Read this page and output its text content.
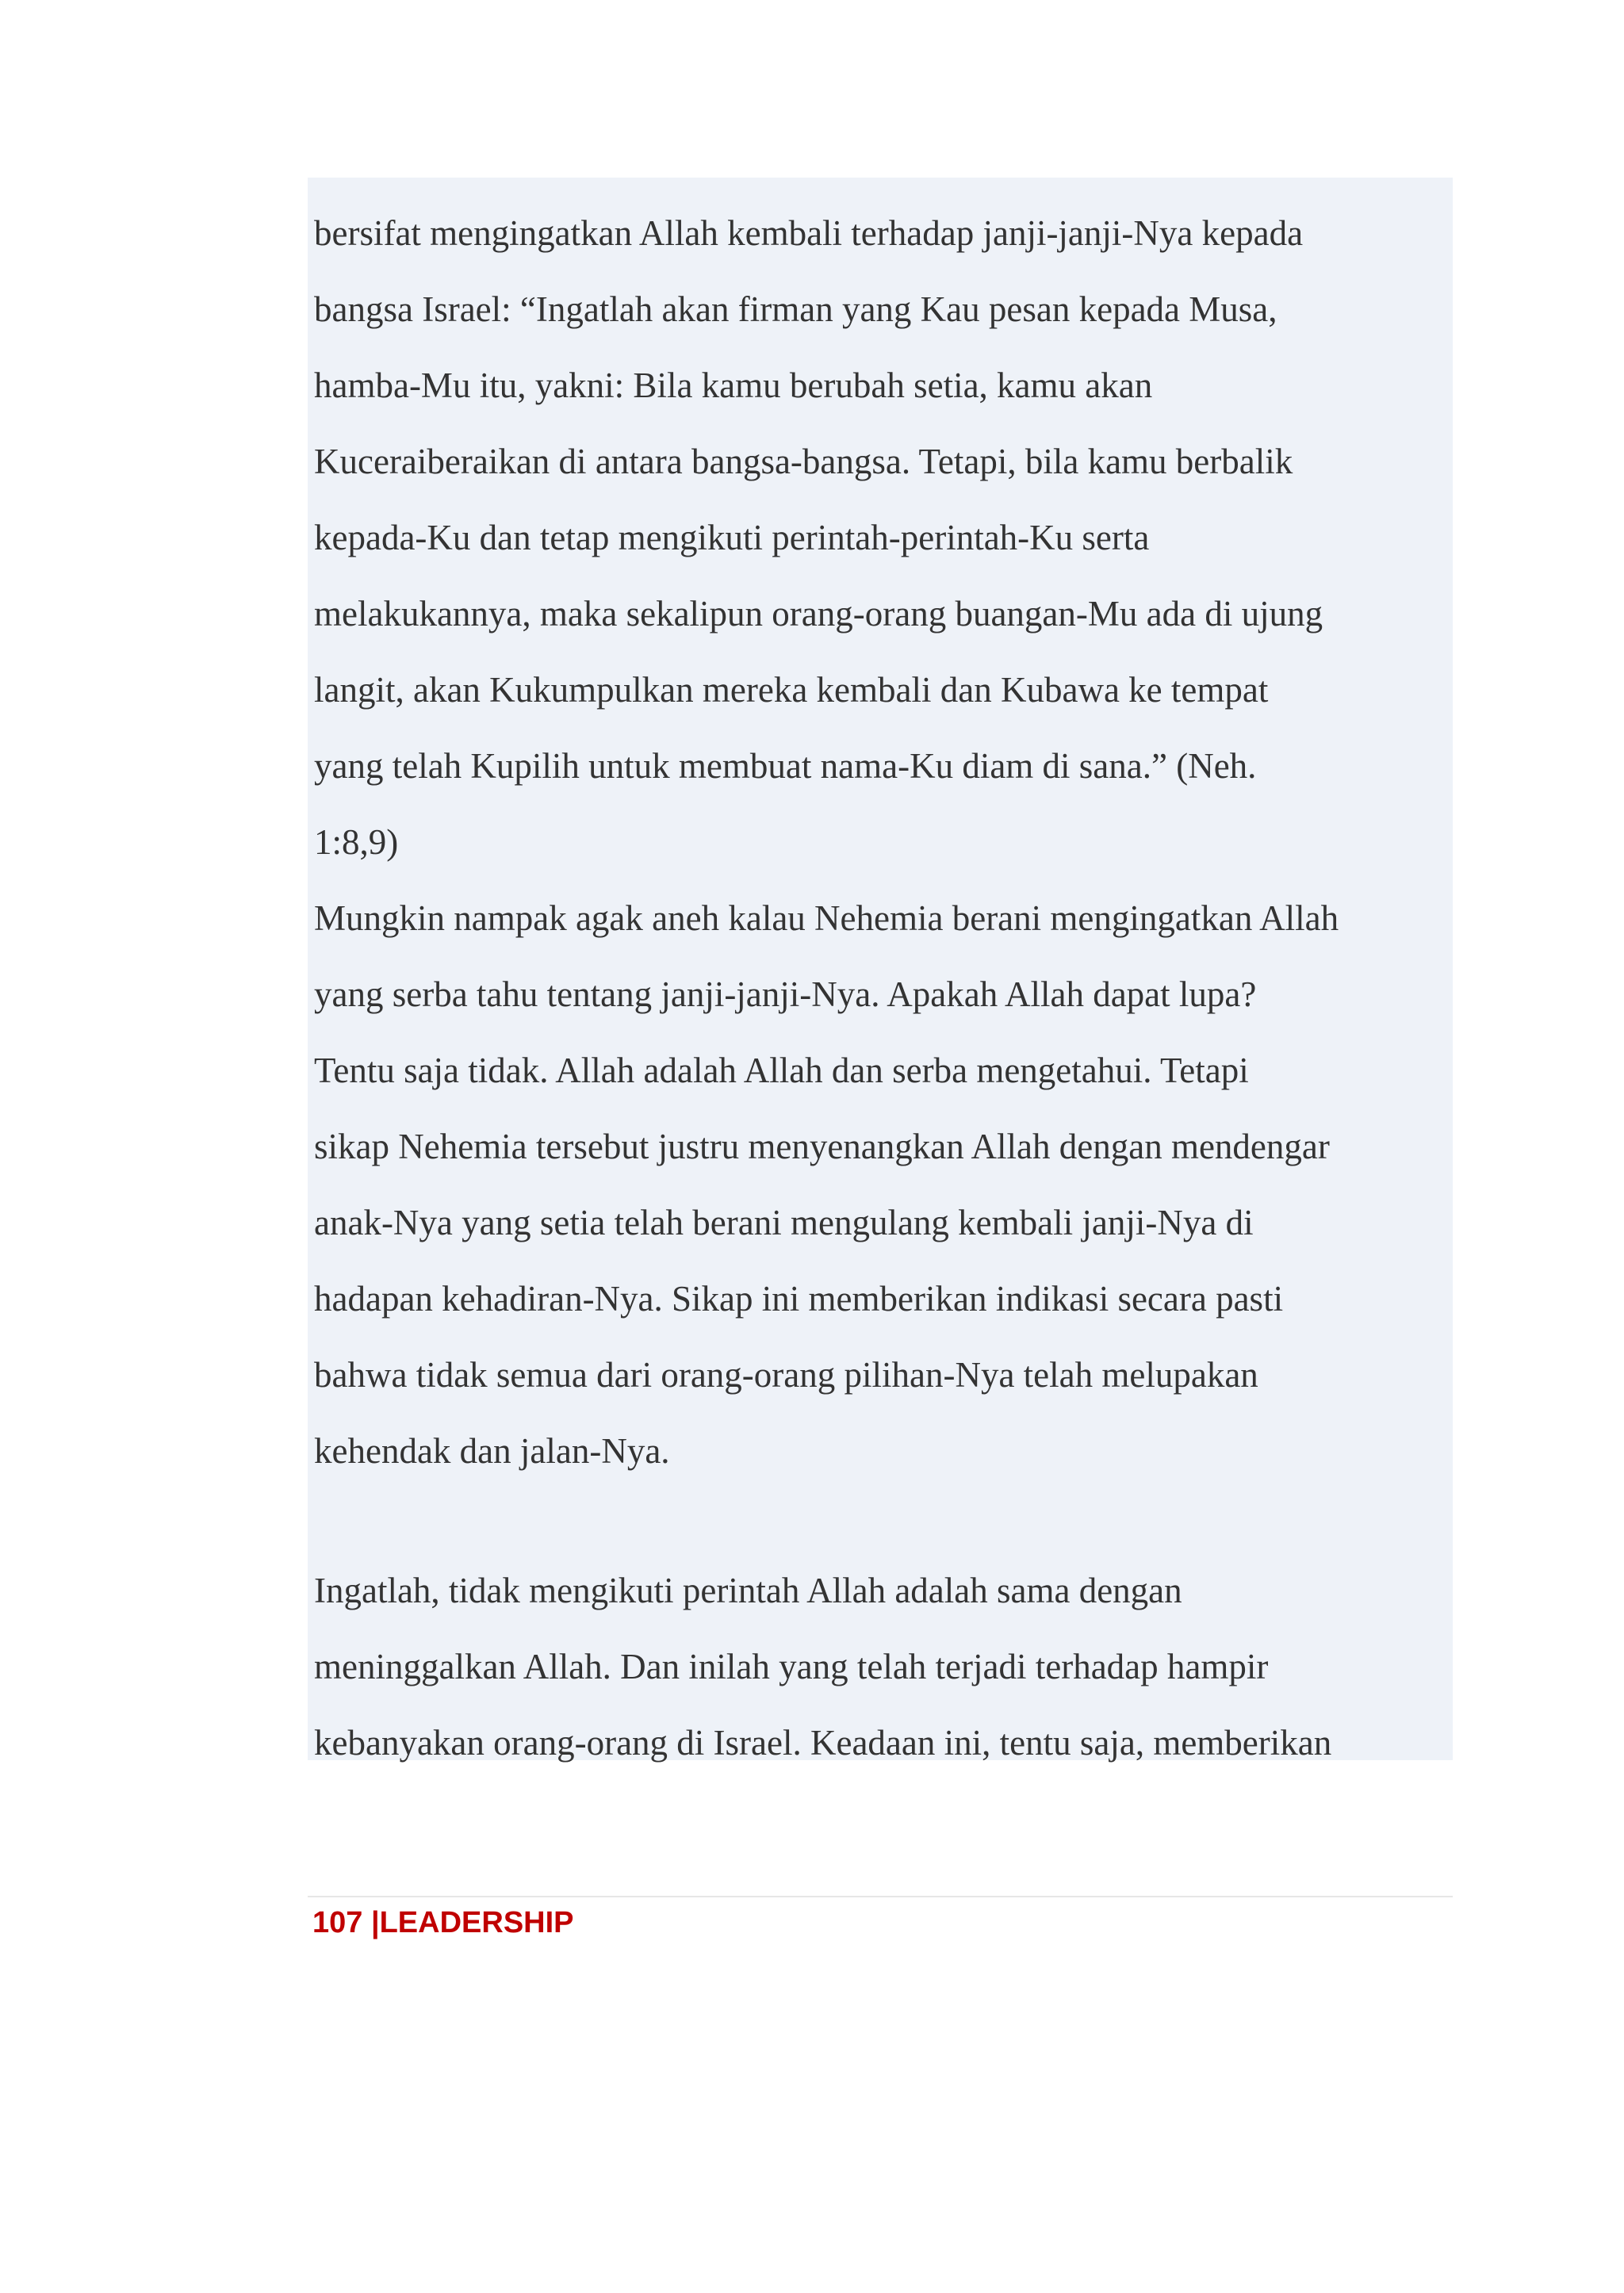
bersifat mengingatkan Allah kembali terhadap janji-janji-Nya kepada
bangsa Israel: “Ingatlah akan firman yang Kau pesan kepada Musa,
hamba-Mu itu, yakni: Bila kamu berubah setia, kamu akan
Kuceraiberaikan di antara bangsa-bangsa. Tetapi, bila kamu berbalik
kepada-Ku dan tetap mengikuti perintah-perintah-Ku serta
melakukannya, maka sekalipun orang-orang buangan-Mu ada di ujung
langit, akan Kukumpulkan mereka kembali dan Kubawa ke tempat
yang telah Kupilih untuk membuat nama-Ku diam di sana.” (Neh.
1:8,9)
Mungkin nampak agak aneh kalau Nehemia berani mengingatkan Allah
yang serba tahu tentang janji-janji-Nya. Apakah Allah dapat lupa?
Tentu saja tidak. Allah adalah Allah dan serba mengetahui. Tetapi
sikap Nehemia tersebut justru menyenangkan Allah dengan mendengar
anak-Nya yang setia telah berani mengulang kembali janji-Nya di
hadapan kehadiran-Nya. Sikap ini memberikan indikasi secara pasti
bahwa tidak semua dari orang-orang pilihan-Nya telah melupakan
kehendak dan jalan-Nya.
Ingatlah, tidak mengikuti perintah Allah adalah sama dengan
meninggalkan Allah. Dan inilah yang telah terjadi terhadap hampir
kebanyakan orang-orang di Israel. Keadaan ini, tentu saja, memberikan
107 |LEADERSHIP
